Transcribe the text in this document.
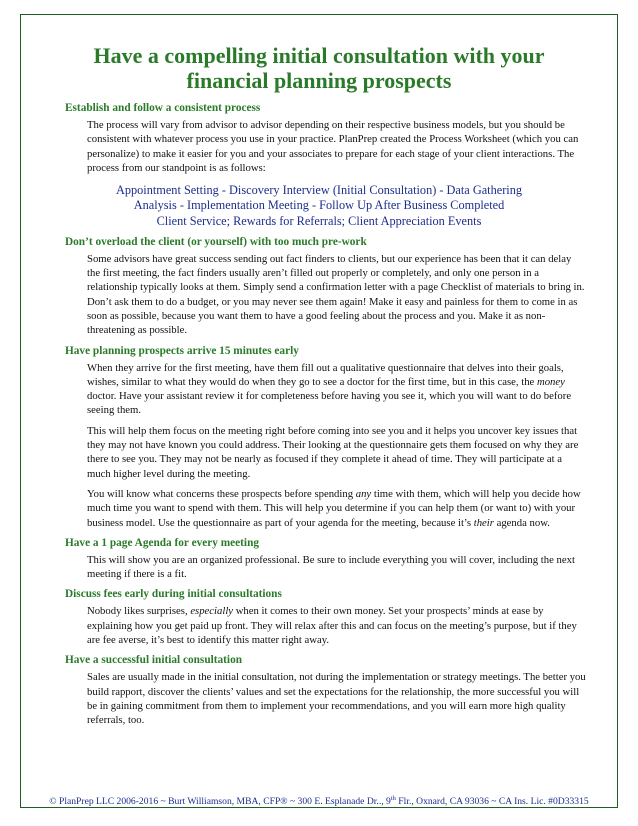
Have a compelling initial consultation with your
financial planning prospects
Establish and follow a consistent process
The process will vary from advisor to advisor depending on their respective business models, but you should be consistent with whatever process you use in your practice. PlanPrep created the Process Worksheet (which you can personalize) to make it easier for you and your associates to prepare for each stage of your client interactions. The process from our standpoint is as follows:
Appointment Setting - Discovery Interview (Initial Consultation) - Data Gathering
Analysis - Implementation Meeting - Follow Up After Business Completed
Client Service; Rewards for Referrals; Client Appreciation Events
Don’t overload the client (or yourself) with too much pre-work
Some advisors have great success sending out fact finders to clients, but our experience has been that it can delay the first meeting, the fact finders usually aren’t filled out properly or completely, and only one person in a relationship typically looks at them. Simply send a confirmation letter with a page Checklist of materials to bring in. Don’t ask them to do a budget, or you may never see them again! Make it easy and painless for them to come in as soon as possible, because you want them to have a good feeling about the process and you. Make it as non-threatening as possible.
Have planning prospects arrive 15 minutes early
When they arrive for the first meeting, have them fill out a qualitative questionnaire that delves into their goals, wishes, similar to what they would do when they go to see a doctor for the first time, but in this case, the money doctor. Have your assistant review it for completeness before having you see it, which you will want to do before seeing them.
This will help them focus on the meeting right before coming into see you and it helps you uncover key issues that they may not have known you could address. Their looking at the questionnaire gets them focused on why they are there to see you. They may not be nearly as focused if they complete it ahead of time. They will participate at a much higher level during the meeting.
You will know what concerns these prospects before spending any time with them, which will help you decide how much time you want to spend with them. This will help you determine if you can help them (or want to) with your business model. Use the questionnaire as part of your agenda for the meeting, because it’s their agenda now.
Have a 1 page Agenda for every meeting
This will show you are an organized professional. Be sure to include everything you will cover, including the next meeting if there is a fit.
Discuss fees early during initial consultations
Nobody likes surprises, especially when it comes to their own money. Set your prospects’ minds at ease by explaining how you get paid up front. They will relax after this and can focus on the meeting’s purpose, but if they are fee averse, it’s best to identify this matter right away.
Have a successful initial consultation
Sales are usually made in the initial consultation, not during the implementation or strategy meetings. The better you build rapport, discover the clients’ values and set the expectations for the relationship, the more successful you will be in gaining commitment from them to implement your recommendations, and you will earn more high quality referrals, too.
© PlanPrep LLC 2006-2016 ~ Burt Williamson, MBA, CFP® ~ 300 E. Esplanade Dr.., 9th Flr., Oxnard, CA 93036 ~ CA Ins. Lic. #0D33315
